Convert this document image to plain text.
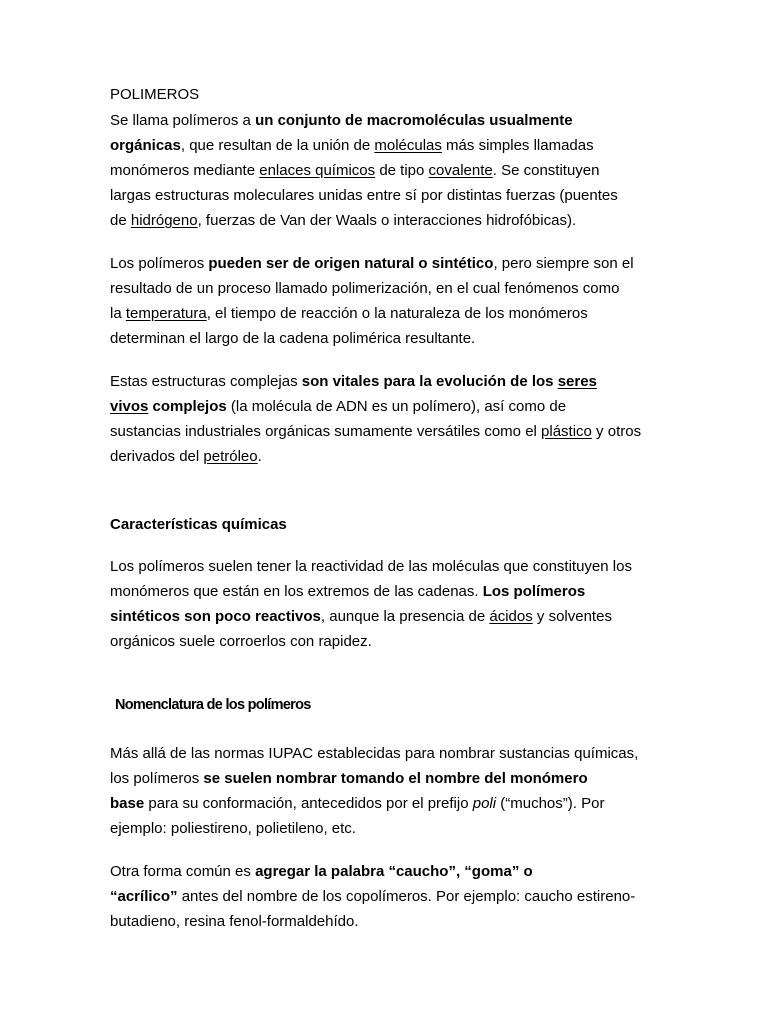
POLIMEROS
Se llama polímeros a un conjunto de macromoléculas usualmente
orgánicas, que resultan de la unión de moléculas más simples llamadas
monómeros mediante enlaces químicos de tipo covalente. Se constituyen
largas estructuras moleculares unidas entre sí por distintas fuerzas (puentes
de hidrógeno, fuerzas de Van der Waals o interacciones hidrofóbicas).
Los polímeros pueden ser de origen natural o sintético, pero siempre son el
resultado de un proceso llamado polimerización, en el cual fenómenos como
la temperatura, el tiempo de reacción o la naturaleza de los monómeros
determinan el largo de la cadena polimérica resultante.
Estas estructuras complejas son vitales para la evolución de los seres
vivos complejos (la molécula de ADN es un polímero), así como de
sustancias industriales orgánicas sumamente versátiles como el plástico y otros
derivados del petróleo.
Características químicas
Los polímeros suelen tener la reactividad de las moléculas que constituyen los
monómeros que están en los extremos de las cadenas. Los polímeros
sintéticos son poco reactivos, aunque la presencia de ácidos y solventes
orgánicos suele corroerlos con rapidez.
Nomenclatura de los polímeros
Más allá de las normas IUPAC establecidas para nombrar sustancias químicas,
los polímeros se suelen nombrar tomando el nombre del monómero
base para su conformación, antecedidos por el prefijo poli (“muchos”). Por
ejemplo: poliestireno, polietileno, etc.
Otra forma común es agregar la palabra “caucho”, “goma” o
“acrílico” antes del nombre de los copolímeros. Por ejemplo: caucho estireno-
butadieno, resina fenol-formaldehído.
